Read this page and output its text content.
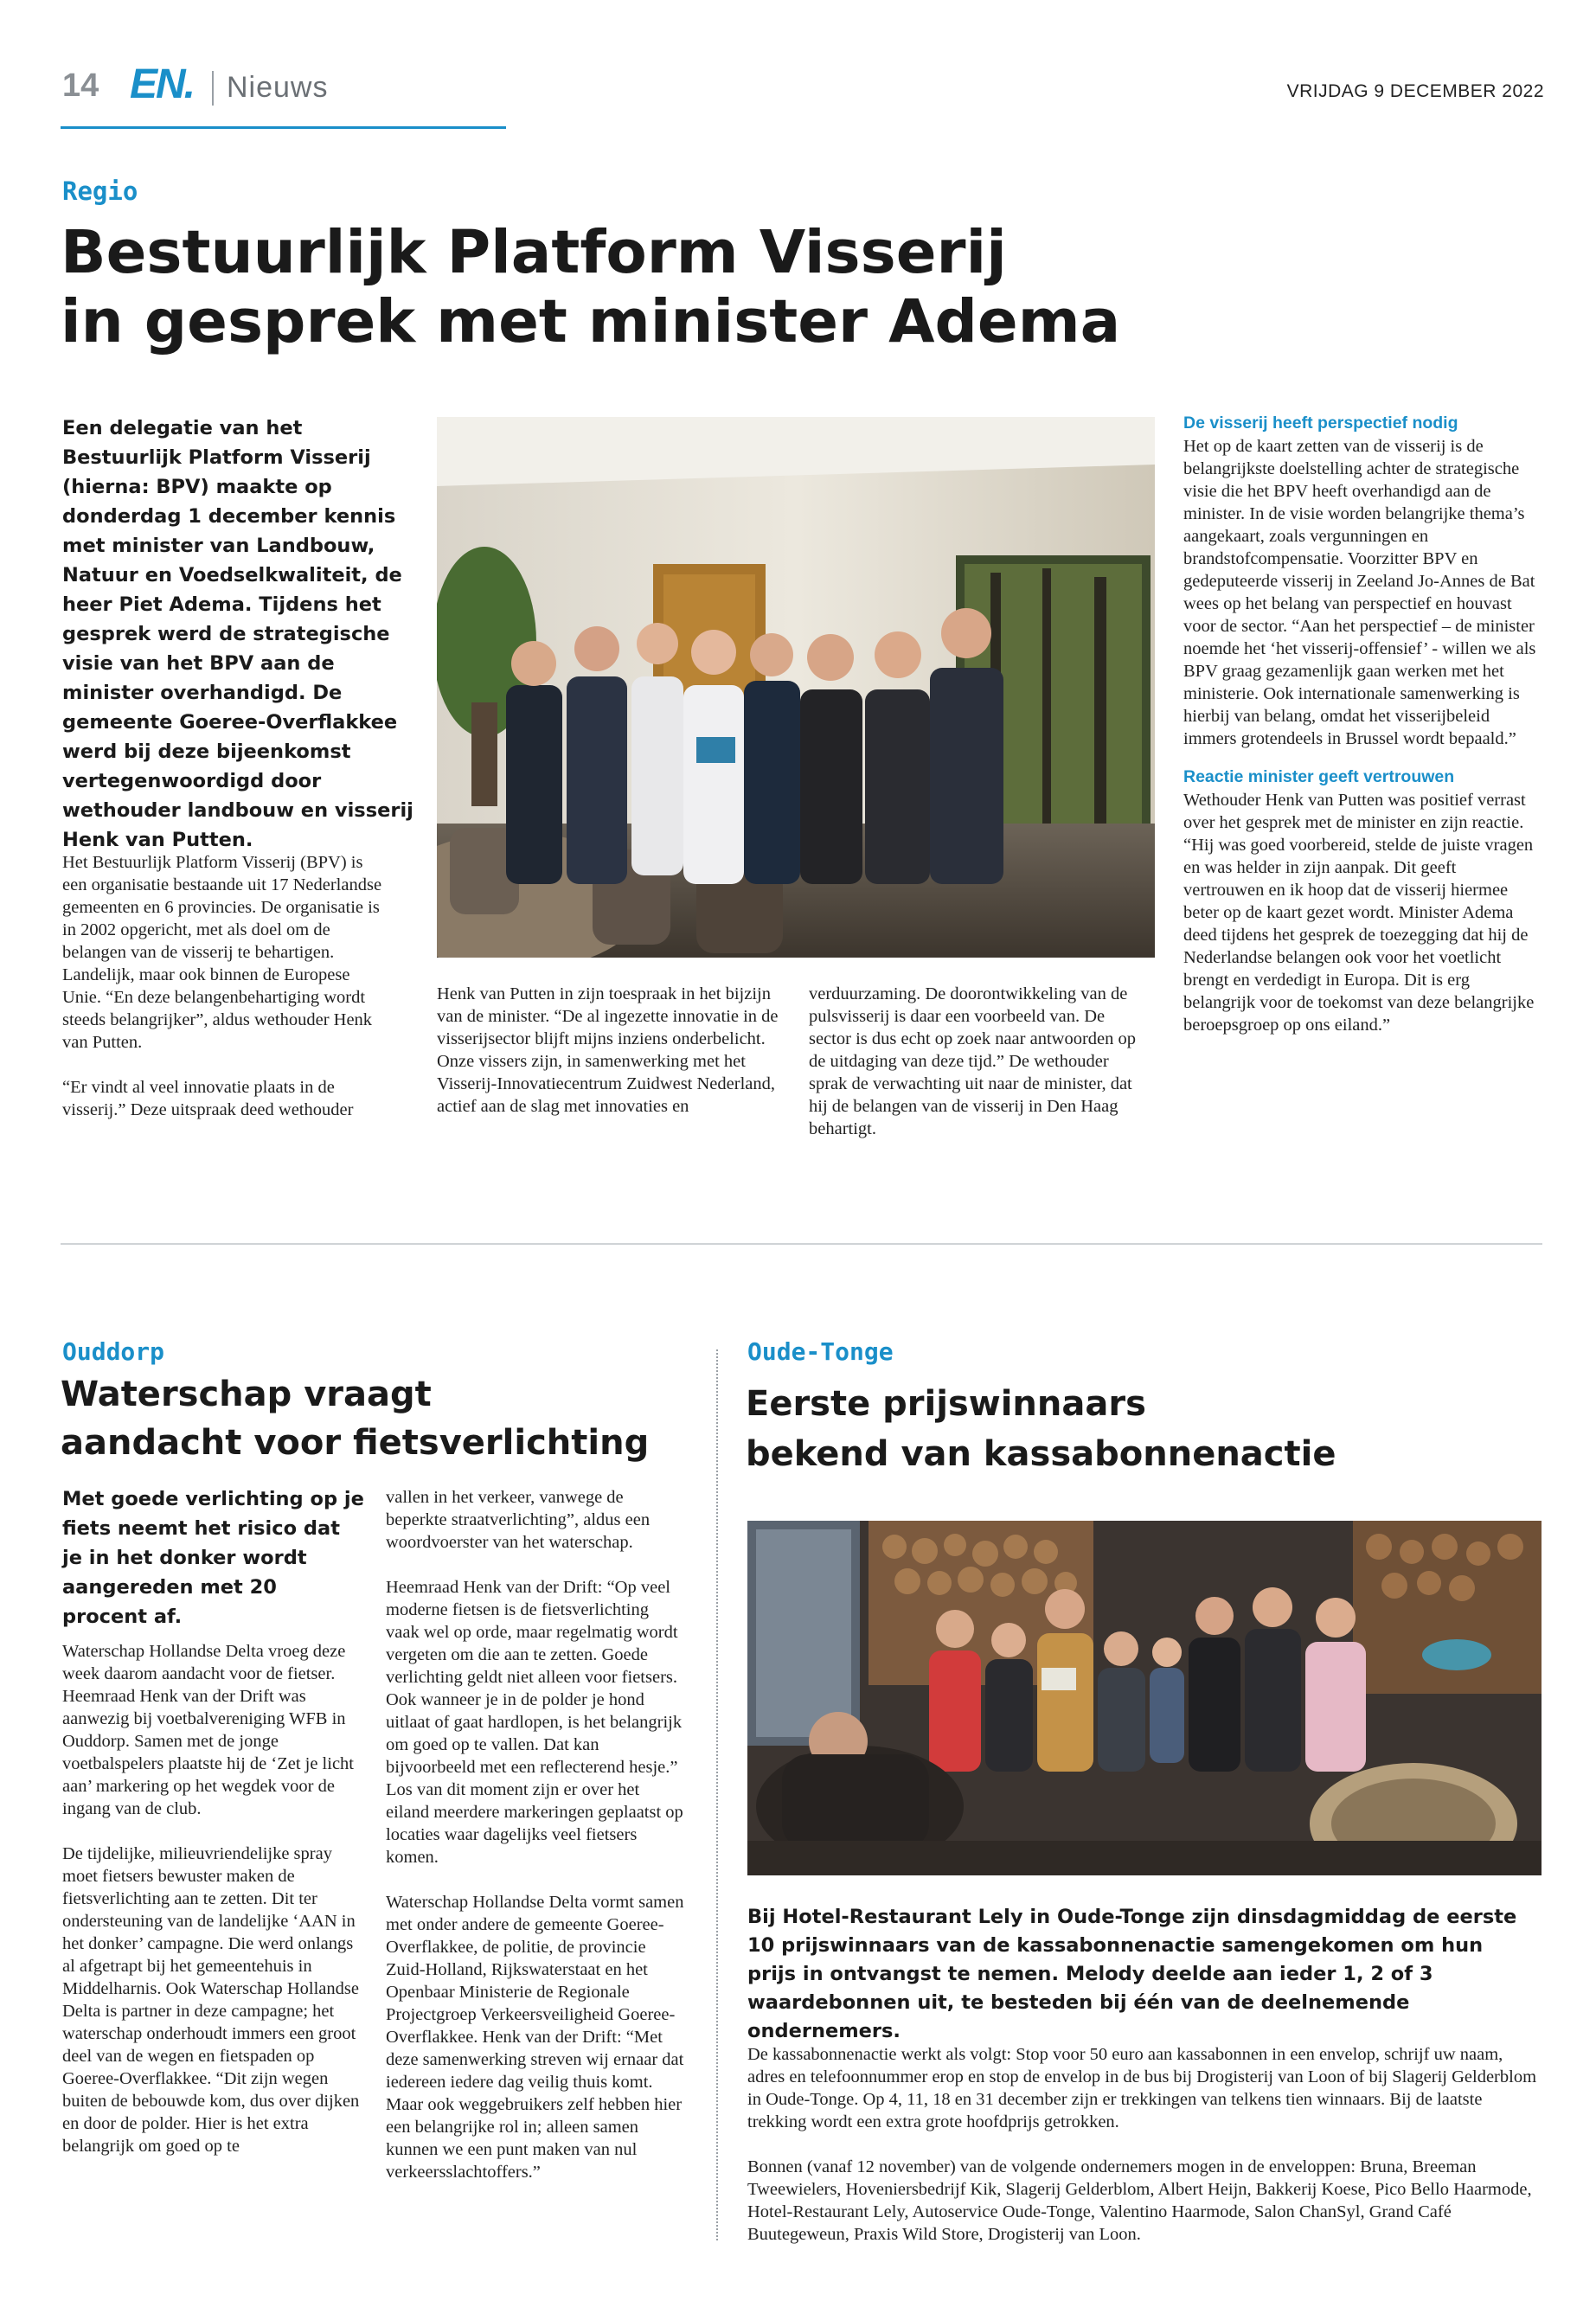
14 EN. Nieuws	VRIJDAG 9 DECEMBER 2022
Regio
Bestuurlijk Platform Visserij
in gesprek met minister Adema
Een delegatie van het Bestuurlijk Platform Visserij (hierna: BPV) maakte op donderdag 1 december kennis met minister van Landbouw, Natuur en Voedselkwaliteit, de heer Piet Adema. Tijdens het gesprek werd de strategische visie van het BPV aan de minister overhandigd. De gemeente Goeree-Overflakkee werd bij deze bijeenkomst vertegenwoordigd door wethouder landbouw en visserij Henk van Putten.

Het Bestuurlijk Platform Visserij (BPV) is een organisatie bestaande uit 17 Nederlandse gemeenten en 6 provincies. De organisatie is in 2002 opgericht, met als doel om de belangen van de visserij te behartigen. Landelijk, maar ook binnen de Europese Unie. “En deze belangenbehartiging wordt steeds belangrijker”, aldus wethouder Henk van Putten.

“Er vindt al veel innovatie plaats in de visserij.” Deze uitspraak deed wethouder

Henk van Putten in zijn toespraak in het bijzijn van de minister. “De al ingezette innovatie in de visserijsector blijft mijns inziens onderbelicht. Onze vissers zijn, in samenwerking met het Visserij-Innovatiecentrum Zuidwest Nederland, actief aan de slag met innovaties en

verduurzaming. De doorontwikkeling van de pulsvisserij is daar een voorbeeld van. De sector is dus echt op zoek naar antwoorden op de uitdaging van deze tijd.” De wethouder sprak de verwachting uit naar de minister, dat hij de belangen van de visserij in Den Haag behartigt.

De visserij heeft perspectief nodig
Het op de kaart zetten van de visserij is de belangrijkste doelstelling achter de strategische visie die het BPV heeft overhandigd aan de minister. In de visie worden belangrijke thema’s aangekaart, zoals vergunningen en brandstofcompensatie. Voorzitter BPV en gedeputeerde visserij in Zeeland Jo-Annes de Bat wees op het belang van perspectief en houvast voor de sector. “Aan het perspectief – de minister noemde het ‘het visserij-offensief’ - willen we als BPV graag gezamenlijk gaan werken met het ministerie. Ook internationale samenwerking is hierbij van belang, omdat het visserijbeleid immers grotendeels in Brussel wordt bepaald.”
Reactie minister geeft vertrouwen
Wethouder Henk van Putten was positief verrast over het gesprek met de minister en zijn reactie. “Hij was goed voorbereid, stelde de juiste vragen en was helder in zijn aanpak. Dit geeft vertrouwen en ik hoop dat de visserij hiermee beter op de kaart gezet wordt. Minister Adema deed tijdens het gesprek de toezegging dat hij de Nederlandse belangen ook voor het voetlicht brengt en verdedigt in Europa. Dit is erg belangrijk voor de toekomst van deze belangrijke beroepsgroep op ons eiland.”
Ouddorp
Waterschap vraagt
aandacht voor fietsverlichting
Met goede verlichting op je fiets neemt het risico dat je in het donker wordt aangereden met 20 procent af.

Waterschap Hollandse Delta vroeg deze week daarom aandacht voor de fietser. Heemraad Henk van der Drift was aanwezig bij voetbalvereniging WFB in Ouddorp. Samen met de jonge voetbalspelers plaatste hij de ‘Zet je licht aan’ markering op het wegdek voor de ingang van de club.

De tijdelijke, milieuvriendelijke spray moet fietsers bewuster maken de fietsverlichting aan te zetten. Dit ter ondersteuning van de landelijke ‘AAN in het donker’ campagne. Die werd onlangs al afgetrapt bij het gemeentehuis in Middelharnis. Ook Waterschap Hollandse Delta is partner in deze campagne; het waterschap onderhoudt immers een groot deel van de wegen en fietspaden op Goeree-Overflakkee. “Dit zijn wegen buiten de bebouwde kom, dus over dijken en door de polder. Hier is het extra belangrijk om goed op te

vallen in het verkeer, vanwege de beperkte straatverlichting”, aldus een woordvoerster van het waterschap.

Heemraad Henk van der Drift: “Op veel moderne fietsen is de fietsverlichting vaak wel op orde, maar regelmatig wordt vergeten om die aan te zetten. Goede verlichting geldt niet alleen voor fietsers. Ook wanneer je in de polder je hond uitlaat of gaat hardlopen, is het belangrijk om goed op te vallen. Dat kan bijvoorbeeld met een reflecterend hesje.” Los van dit moment zijn er over het eiland meerdere markeringen geplaatst op locaties waar dagelijks veel fietsers komen.

Waterschap Hollandse Delta vormt samen met onder andere de gemeente Goeree-Overflakkee, de politie, de provincie Zuid-Holland, Rijkswaterstaat en het Openbaar Ministerie de Regionale Projectgroep Verkeersveiligheid Goeree-Overflakkee. Henk van der Drift: “Met deze samenwerking streven wij ernaar dat iedereen iedere dag veilig thuis komt. Maar ook weggebruikers zelf hebben hier een belangrijke rol in; alleen samen kunnen we een punt maken van nul verkeersslachtoffers.”

Oude-Tonge
Eerste prijswinnaars
bekend van kassabonnenactie
Bij Hotel-Restaurant Lely in Oude-Tonge zijn dinsdagmiddag de eerste 10 prijswinnaars van de kassabonnenactie samengekomen om hun prijs in ontvangst te nemen. Melody deelde aan ieder 1, 2 of 3 waardebonnen uit, te besteden bij één van de deelnemende ondernemers.

De kassabonnenactie werkt als volgt: Stop voor 50 euro aan kassabonnen in een envelop, schrijf uw naam, adres en telefoonnummer erop en stop de envelop in de bus bij Drogisterij van Loon of bij Slagerij Gelderblom in Oude-Tonge. Op 4, 11, 18 en 31 december zijn er trekkingen van telkens tien winnaars. Bij de laatste trekking wordt een extra grote hoofdprijs getrokken.

Bonnen (vanaf 12 november) van de volgende ondernemers mogen in de enveloppen: Bruna, Breeman Tweewielers, Hoveniersbedrijf Kik, Slagerij Gelderblom, Albert Heijn, Bakkerij Koese, Pico Bello Haarmode, Hotel-Restaurant Lely, Autoservice Oude-Tonge, Valentino Haarmode, Salon ChanSyl, Grand Café Buutegeweun, Praxis Wild Store, Drogisterij van Loon.
